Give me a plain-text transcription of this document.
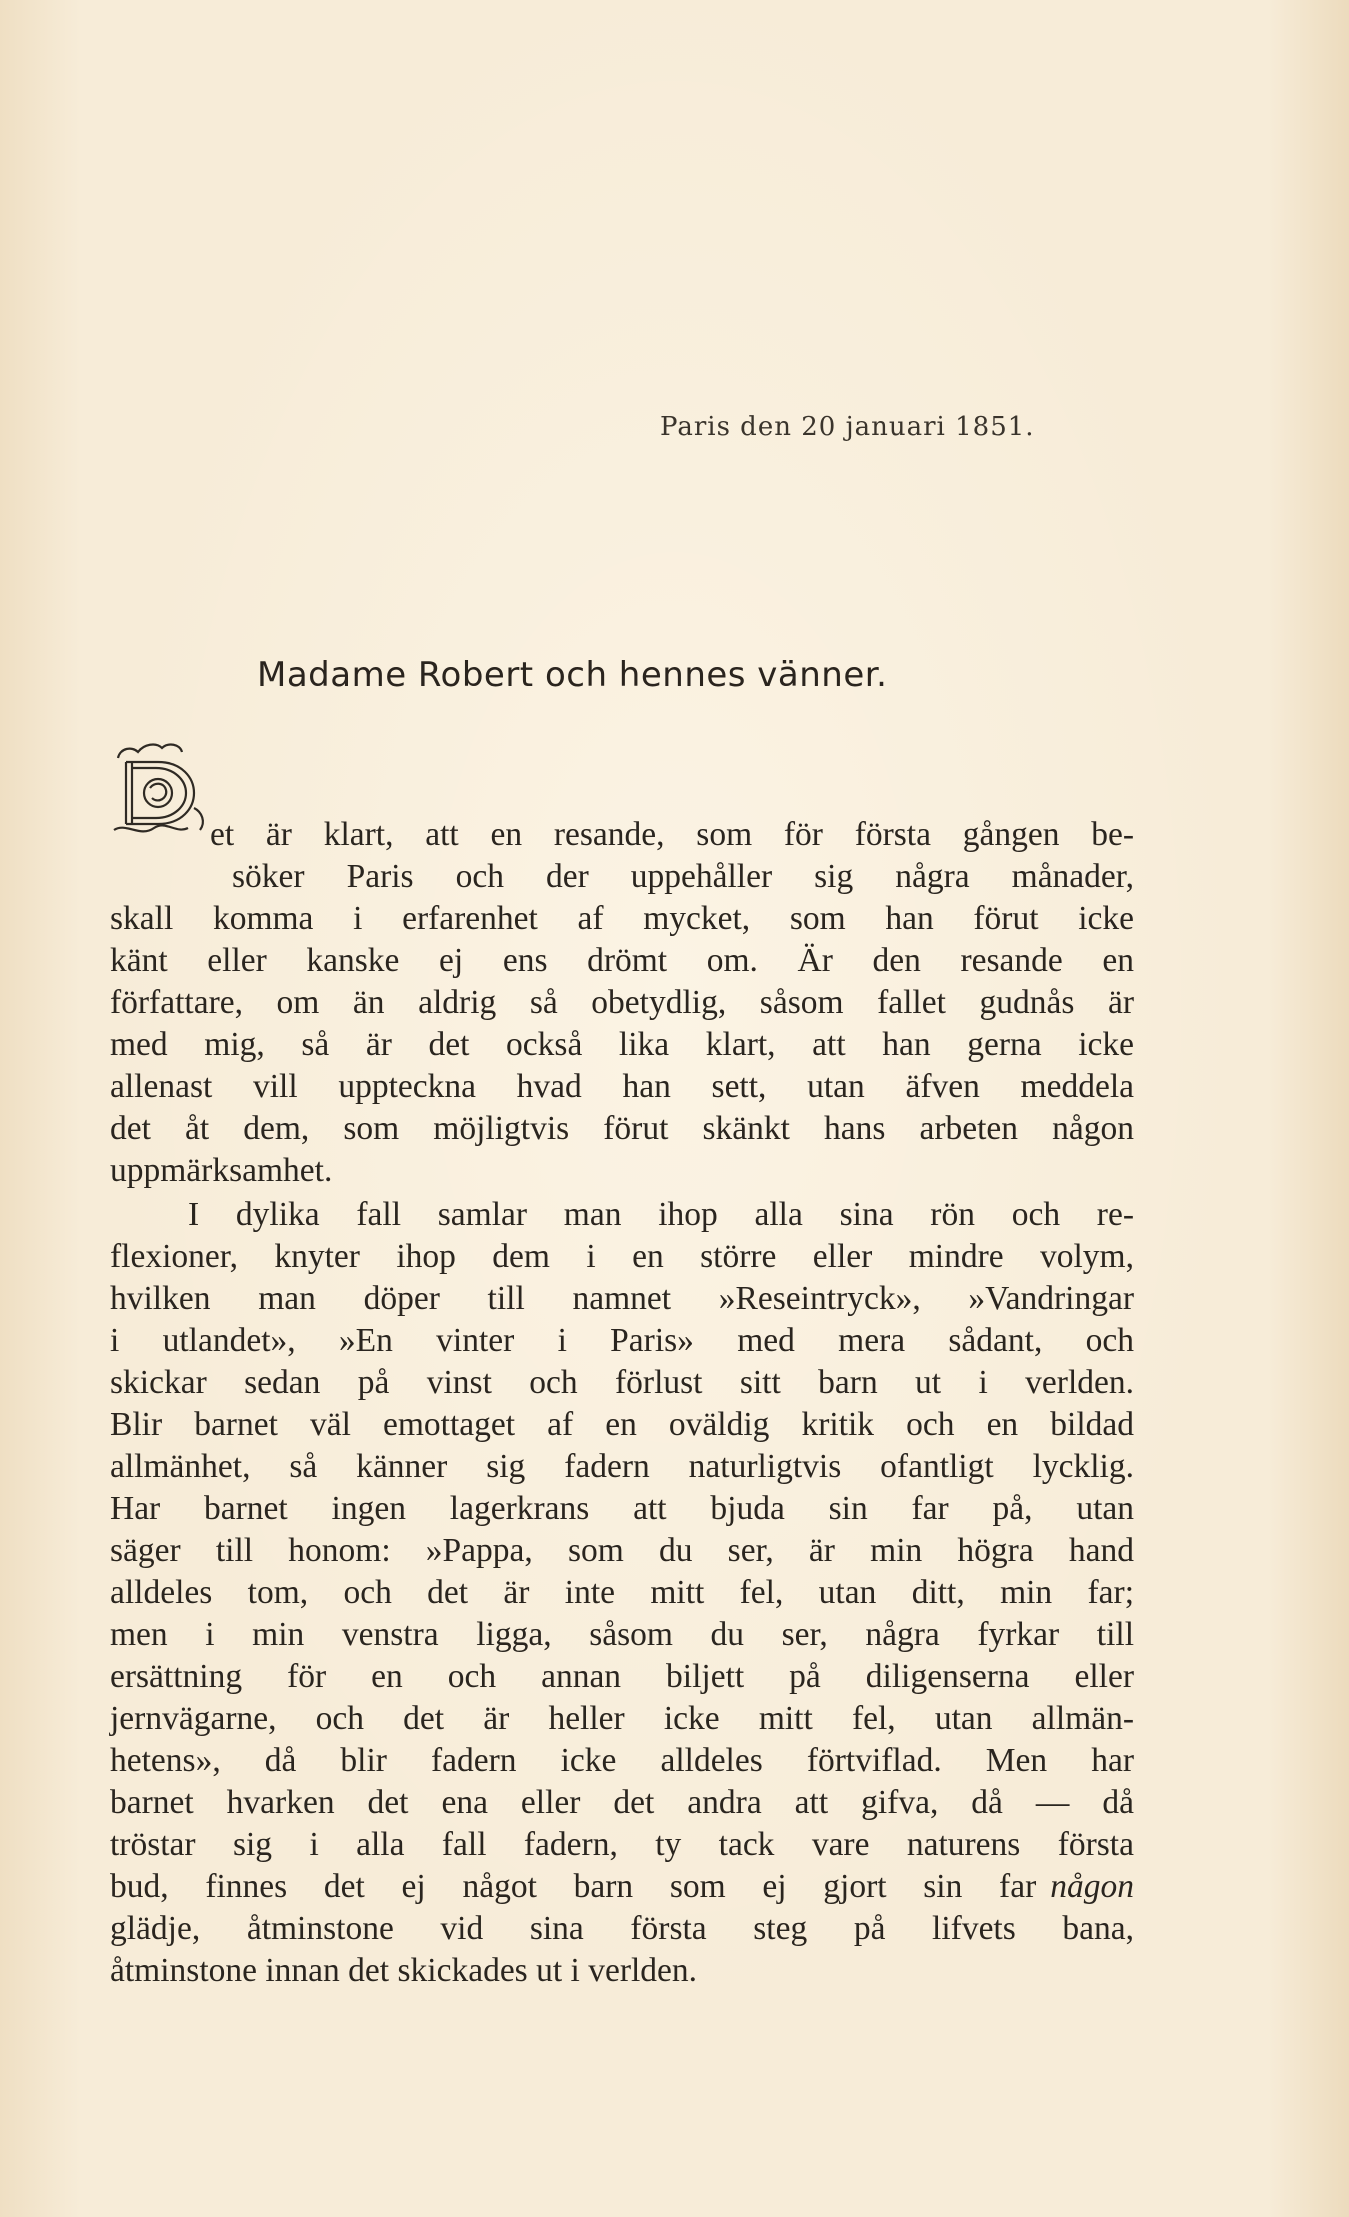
Paris den 20 januari 1851.
Madame Robert och hennes vänner.
et är klart, att en resande, som för första gången be-
söker Paris och der uppehåller sig några månader,
skall komma i erfarenhet af mycket, som han förut icke
känt eller kanske ej ens drömt om. Är den resande en
författare, om än aldrig så obetydlig, såsom fallet gudnås är
med mig, så är det också lika klart, att han gerna icke
allenast vill uppteckna hvad han sett, utan äfven meddela
det åt dem, som möjligtvis förut skänkt hans arbeten någon
uppmärksamhet.
I dylika fall samlar man ihop alla sina rön och re-
flexioner, knyter ihop dem i en större eller mindre volym,
hvilken man döper till namnet »Reseintryck», »Vandringar
i utlandet», »En vinter i Paris» med mera sådant, och
skickar sedan på vinst och förlust sitt barn ut i verlden.
Blir barnet väl emottaget af en oväldig kritik och en bildad
allmänhet, så känner sig fadern naturligtvis ofantligt lycklig.
Har barnet ingen lagerkrans att bjuda sin far på, utan
säger till honom: »Pappa, som du ser, är min högra hand
alldeles tom, och det är inte mitt fel, utan ditt, min far;
men i min venstra ligga, såsom du ser, några fyrkar till
ersättning för en och annan biljett på diligenserna eller
jernvägarne, och det är heller icke mitt fel, utan allmän-
hetens», då blir fadern icke alldeles förtviflad. Men har
barnet hvarken det ena eller det andra att gifva, då — då
tröstar sig i alla fall fadern, ty tack vare naturens första
bud, finnes det ej något barn som ej gjort sin far någon
glädje, åtminstone vid sina första steg på lifvets bana,
åtminstone innan det skickades ut i verlden.
